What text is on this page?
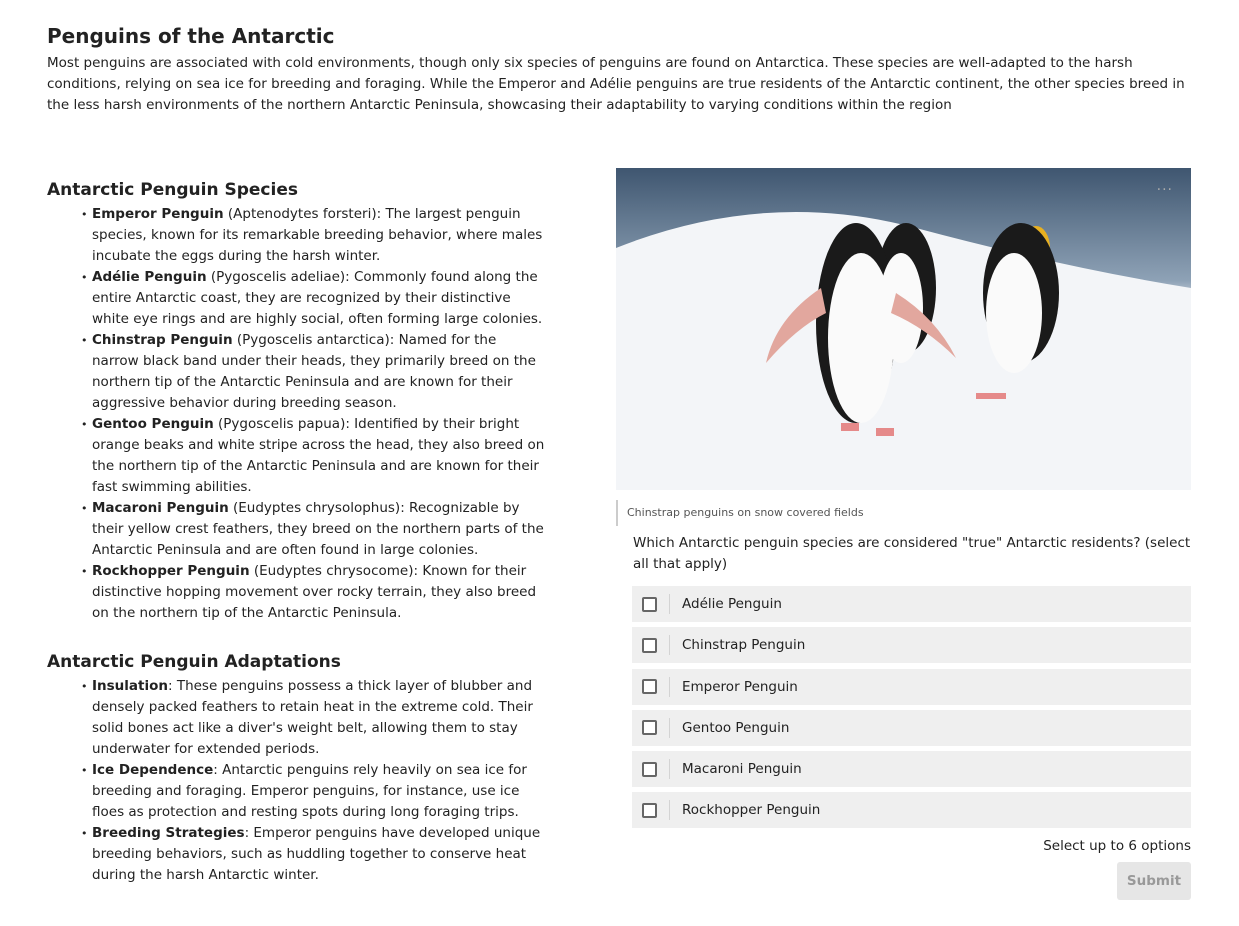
Penguins of the Antarctic

Most penguins are associated with cold environments, though only six species of penguins are found on Antarctica. These species are well-adapted to the harsh conditions, relying on sea ice for breeding and foraging. While the Emperor and Adélie penguins are true residents of the Antarctic continent, the other species breed in the less harsh environments of the northern Antarctic Peninsula, showcasing their adaptability to varying conditions within the region

Antarctic Penguin Species
• Emperor Penguin (Aptenodytes forsteri): The largest penguin species, known for its remarkable breeding behavior, where males incubate the eggs during the harsh winter.
• Adélie Penguin (Pygoscelis adeliae): Commonly found along the entire Antarctic coast, they are recognized by their distinctive white eye rings and are highly social, often forming large colonies.
• Chinstrap Penguin (Pygoscelis antarctica): Named for the narrow black band under their heads, they primarily breed on the northern tip of the Antarctic Peninsula and are known for their aggressive behavior during breeding season.
• Gentoo Penguin (Pygoscelis papua): Identified by their bright orange beaks and white stripe across the head, they also breed on the northern tip of the Antarctic Peninsula and are known for their fast swimming abilities.
• Macaroni Penguin (Eudyptes chrysolophus): Recognizable by their yellow crest feathers, they breed on the northern parts of the Antarctic Peninsula and are often found in large colonies.
• Rockhopper Penguin (Eudyptes chrysocome): Known for their distinctive hopping movement over rocky terrain, they also breed on the northern tip of the Antarctic Peninsula.
Antarctic Penguin Adaptations
• Insulation: These penguins possess a thick layer of blubber and densely packed feathers to retain heat in the extreme cold. Their solid bones act like a diver's weight belt, allowing them to stay underwater for extended periods.
• Ice Dependence: Antarctic penguins rely heavily on sea ice for breeding and foraging. Emperor penguins, for instance, use ice floes as protection and resting spots during long foraging trips.
• Breeding Strategies: Emperor penguins have developed unique breeding behaviors, such as huddling together to conserve heat during the harsh Antarctic winter.
···
Chinstrap penguins on snow covered fields
Which Antarctic penguin species are considered "true" Antarctic residents? (select all that apply)
Adélie Penguin
Chinstrap Penguin
Emperor Penguin
Gentoo Penguin
Macaroni Penguin
Rockhopper Penguin
Select up to 6 options
Submit
